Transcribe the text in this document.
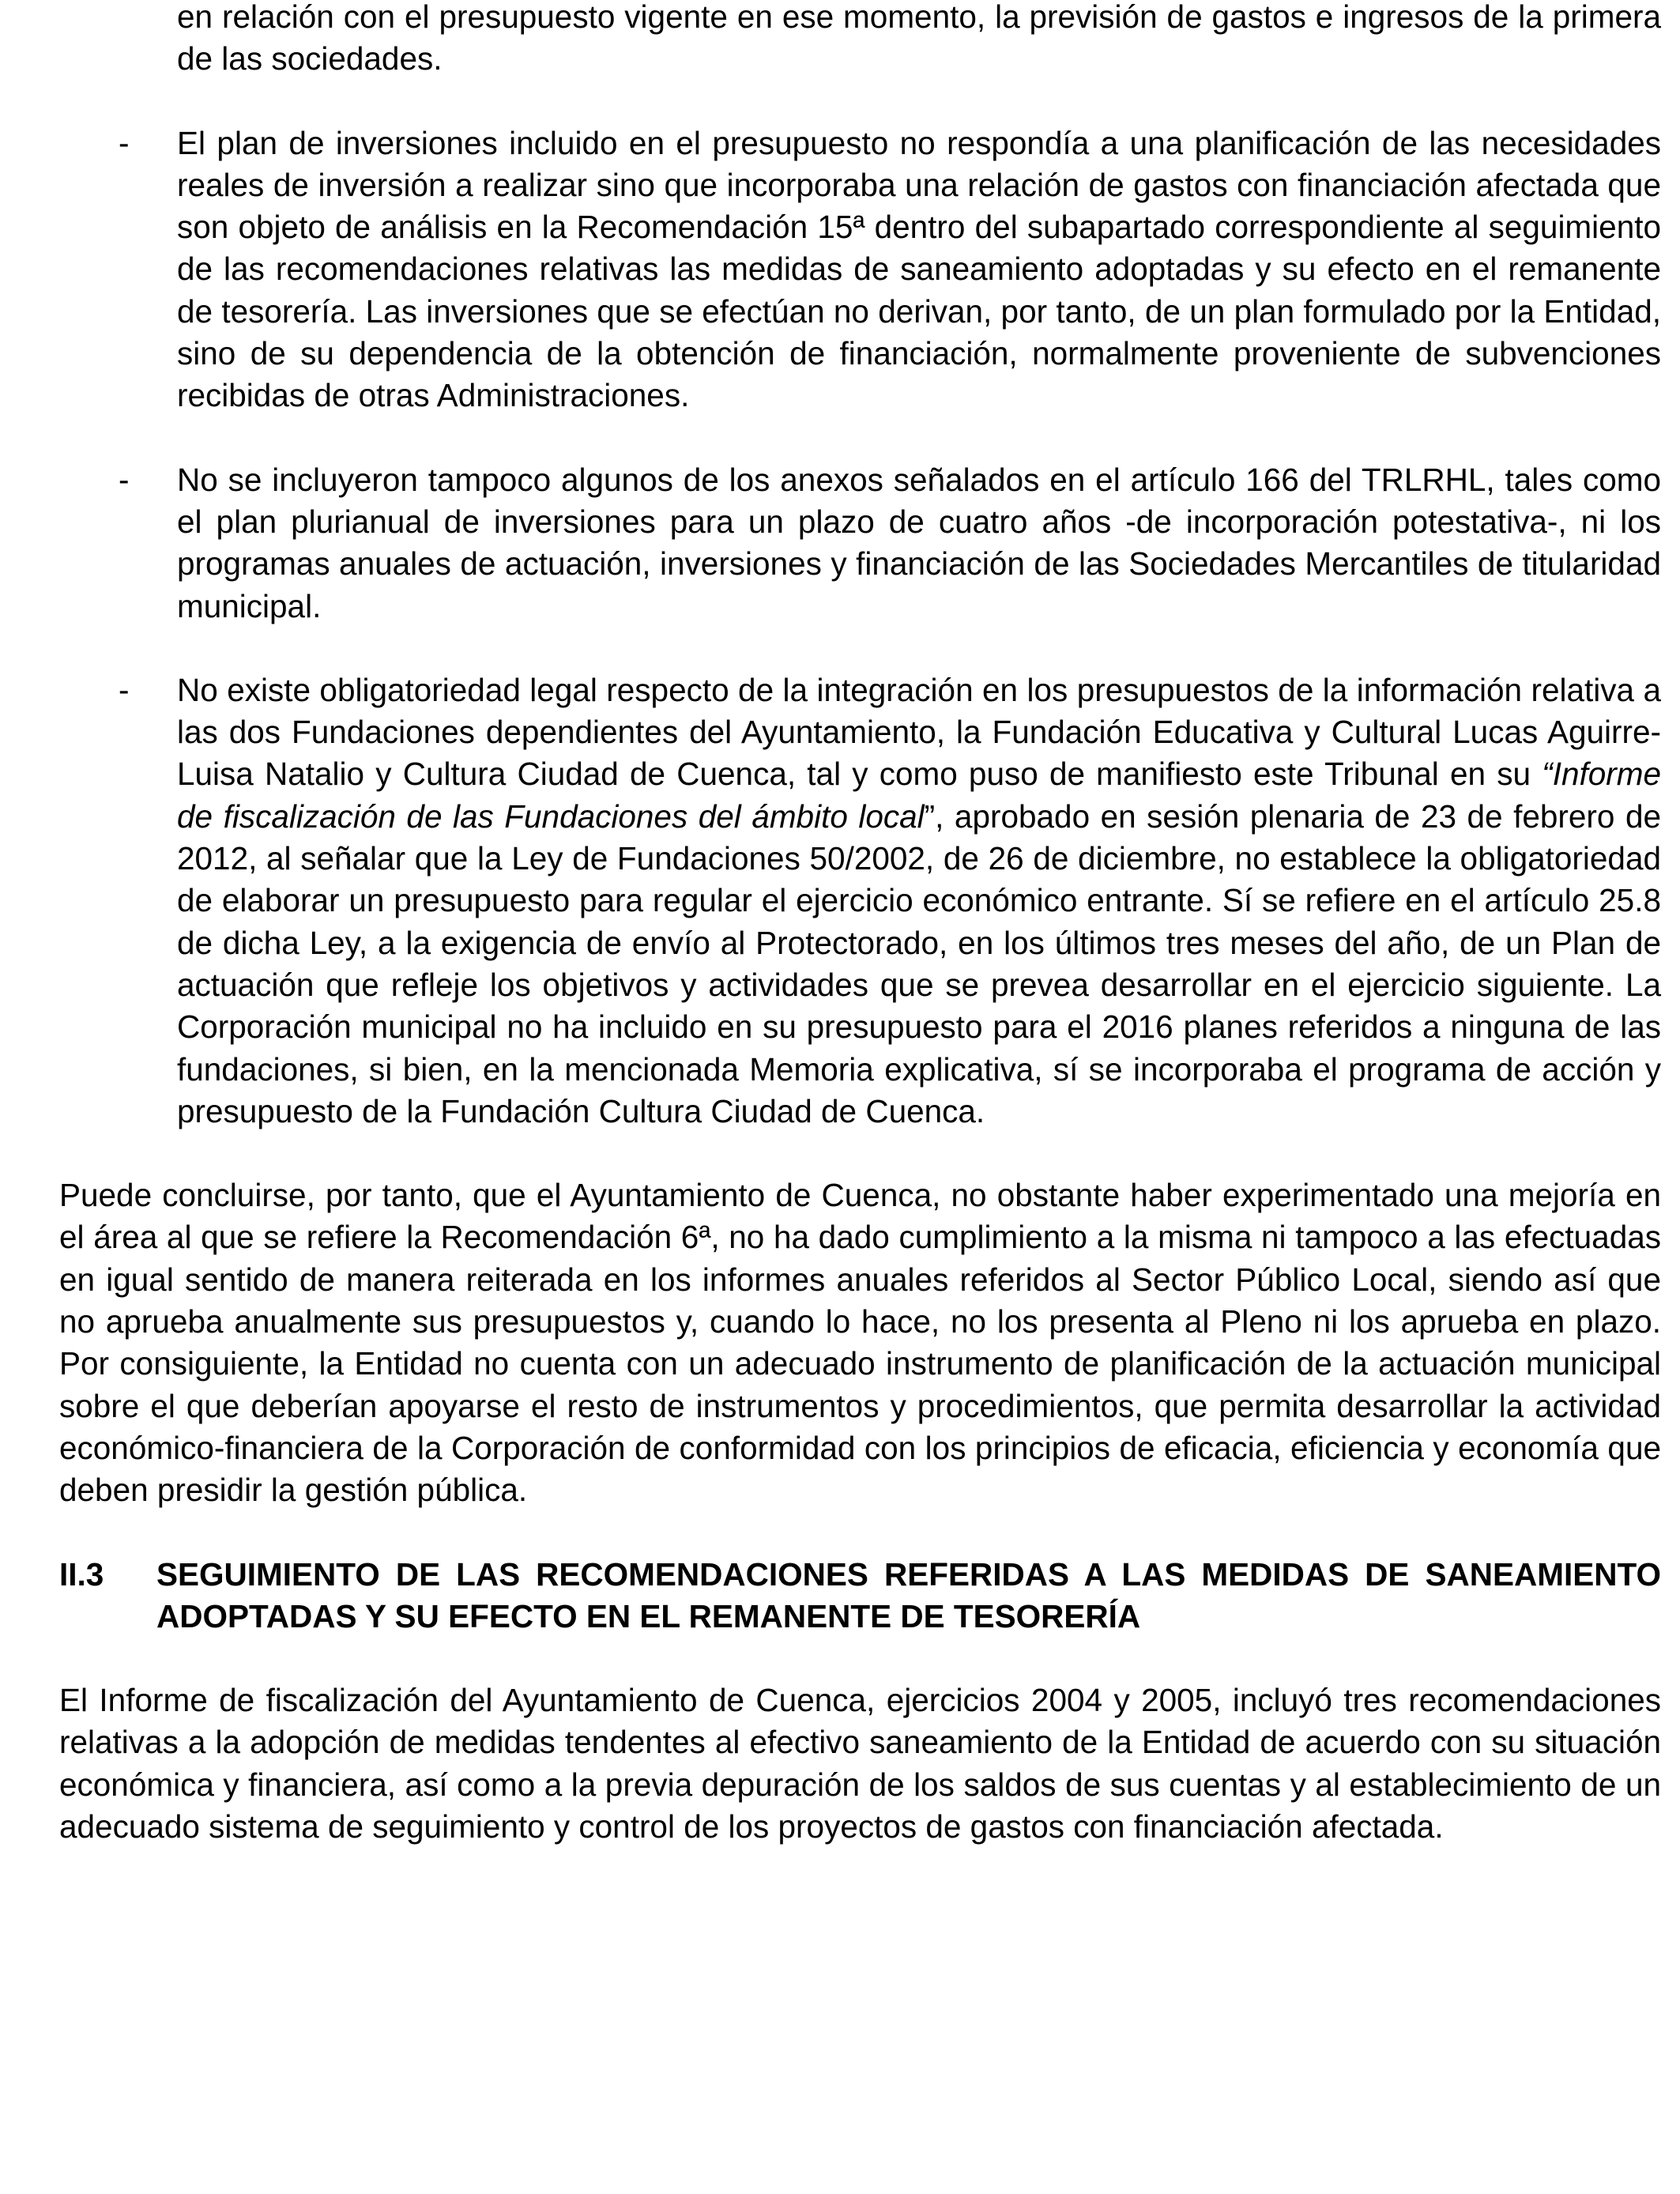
en relación con el presupuesto vigente en ese momento, la previsión de gastos e ingresos de la primera de las sociedades.

- El plan de inversiones incluido en el presupuesto no respondía a una planificación de las necesidades reales de inversión a realizar sino que incorporaba una relación de gastos con financiación afectada que son objeto de análisis en la Recomendación 15ª dentro del subapartado correspondiente al seguimiento de las recomendaciones relativas las medidas de saneamiento adoptadas y su efecto en el remanente de tesorería. Las inversiones que se efectúan no derivan, por tanto, de un plan formulado por la Entidad, sino de su dependencia de la obtención de financiación, normalmente proveniente de subvenciones recibidas de otras Administraciones.

- No se incluyeron tampoco algunos de los anexos señalados en el artículo 166 del TRLRHL, tales como el plan plurianual de inversiones para un plazo de cuatro años -de incorporación potestativa-, ni los programas anuales de actuación, inversiones y financiación de las Sociedades Mercantiles de titularidad municipal.

- No existe obligatoriedad legal respecto de la integración en los presupuestos de la información relativa a las dos Fundaciones dependientes del Ayuntamiento, la Fundación Educativa y Cultural Lucas Aguirre-Luisa Natalio y Cultura Ciudad de Cuenca, tal y como puso de manifiesto este Tribunal en su “Informe de fiscalización de las Fundaciones del ámbito local”, aprobado en sesión plenaria de 23 de febrero de 2012, al señalar que la Ley de Fundaciones 50/2002, de 26 de diciembre, no establece la obligatoriedad de elaborar un presupuesto para regular el ejercicio económico entrante. Sí se refiere en el artículo 25.8 de dicha Ley, a la exigencia de envío al Protectorado, en los últimos tres meses del año, de un Plan de actuación que refleje los objetivos y actividades que se prevea desarrollar en el ejercicio siguiente. La Corporación municipal no ha incluido en su presupuesto para el 2016 planes referidos a ninguna de las fundaciones, si bien, en la mencionada Memoria explicativa, sí se incorporaba el programa de acción y presupuesto de la Fundación Cultura Ciudad de Cuenca.

Puede concluirse, por tanto, que el Ayuntamiento de Cuenca, no obstante haber experimentado una mejoría en el área al que se refiere la Recomendación 6ª, no ha dado cumplimiento a la misma ni tampoco a las efectuadas en igual sentido de manera reiterada en los informes anuales referidos al Sector Público Local, siendo así que no aprueba anualmente sus presupuestos y, cuando lo hace, no los presenta al Pleno ni los aprueba en plazo. Por consiguiente, la Entidad no cuenta con un adecuado instrumento de planificación de la actuación municipal sobre el que deberían apoyarse el resto de instrumentos y procedimientos, que permita desarrollar la actividad económico-financiera de la Corporación de conformidad con los principios de eficacia, eficiencia y economía que deben presidir la gestión pública.

II.3 SEGUIMIENTO DE LAS RECOMENDACIONES REFERIDAS A LAS MEDIDAS DE SANEAMIENTO ADOPTADAS Y SU EFECTO EN EL REMANENTE DE TESORERÍA

El Informe de fiscalización del Ayuntamiento de Cuenca, ejercicios 2004 y 2005, incluyó tres recomendaciones relativas a la adopción de medidas tendentes al efectivo saneamiento de la Entidad de acuerdo con su situación económica y financiera, así como a la previa depuración de los saldos de sus cuentas y al establecimiento de un adecuado sistema de seguimiento y control de los proyectos de gastos con financiación afectada.
